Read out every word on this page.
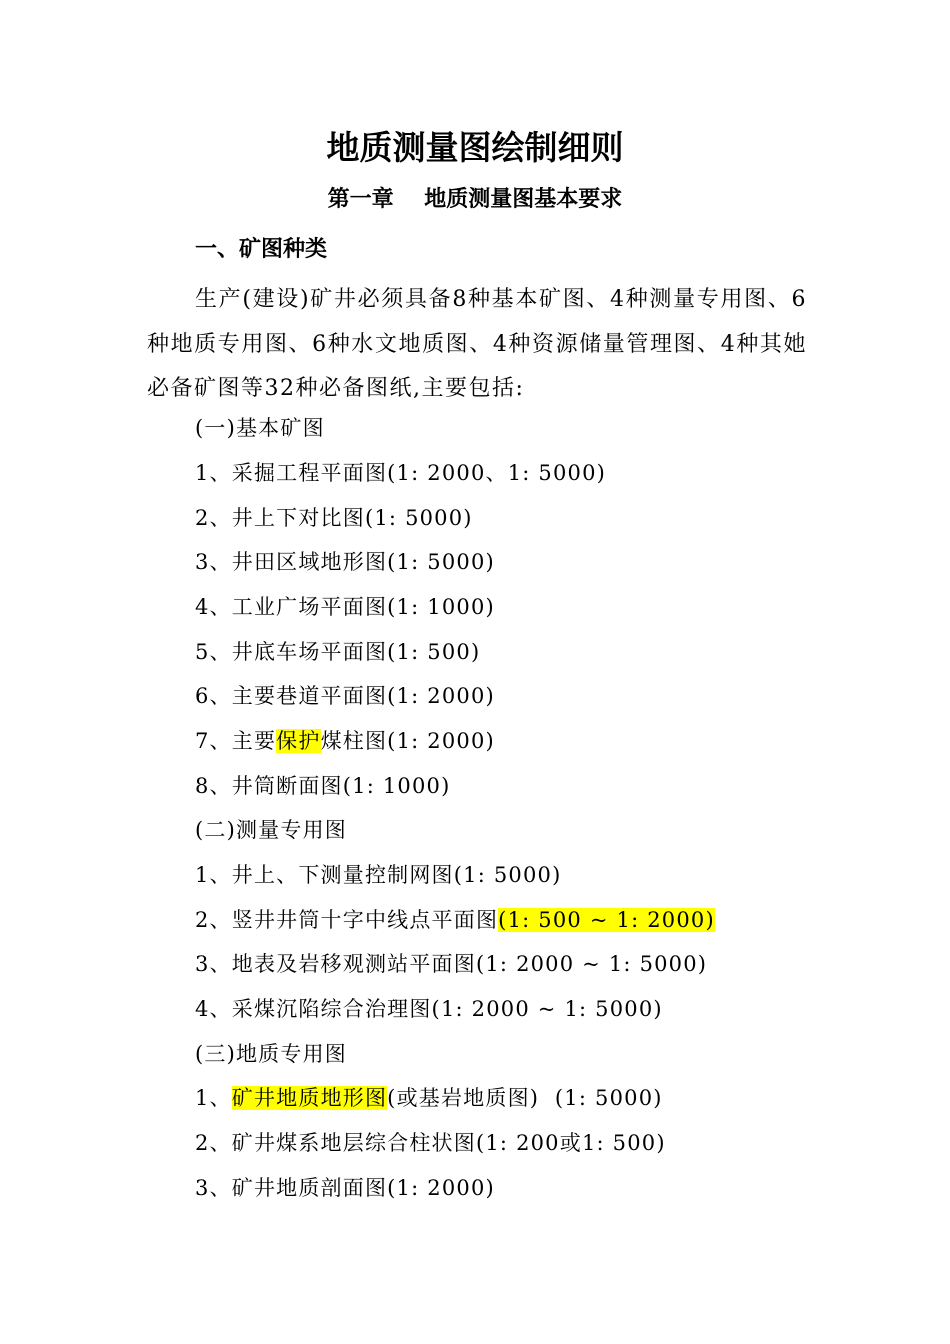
地质测量图绘制细则
第一章    地质测量图基本要求
一、矿图种类

生产(建设)矿井必须具备8种基本矿图、4种测量专用图、6种地质专用图、6种水文地质图、4种资源储量管理图、4种其她必备矿图等32种必备图纸,主要包括:

(一)基本矿图
1、采掘工程平面图(1: 2000、1: 5000)
2、井上下对比图(1: 5000)
3、井田区域地形图(1: 5000)
4、工业广场平面图(1: 1000)
5、井底车场平面图(1: 500)
6、主要巷道平面图(1: 2000)
7、主要保护煤柱图(1: 2000)
8、井筒断面图(1: 1000)
(二)测量专用图
1、井上、下测量控制网图(1: 5000)
2、竖井井筒十字中线点平面图(1: 500 ~ 1: 2000)
3、地表及岩移观测站平面图(1: 2000 ~ 1: 5000)
4、采煤沉陷综合治理图(1: 2000 ~ 1: 5000)
(三)地质专用图
1、矿井地质地形图(或基岩地质图)  (1: 5000)
2、矿井煤系地层综合柱状图(1: 200或1: 500)
3、矿井地质剖面图(1: 2000)
